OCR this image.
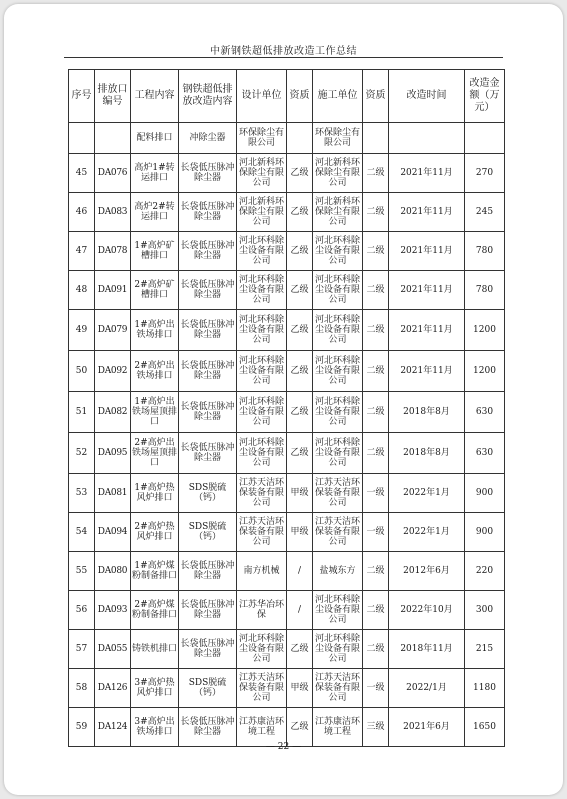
中新钢铁超低排放改造工作总结
序号	排放口编号	工程内容	钢铁超低排放改造内容	设计单位	资质	施工单位	资质	改造时间	改造金额（万元）
		配料排口	冲除尘器	环保除尘有限公司		环保除尘有限公司			
45	DA076	高炉1#转运排口	长袋低压脉冲除尘器	河北新科环保除尘有限公司	乙级	河北新科环保除尘有限公司	二级	2021年11月	270
46	DA083	高炉2#转运排口	长袋低压脉冲除尘器	河北新科环保除尘有限公司	乙级	河北新科环保除尘有限公司	二级	2021年11月	245
47	DA078	1#高炉矿槽排口	长袋低压脉冲除尘器	河北环科除尘设备有限公司	乙级	河北环科除尘设备有限公司	二级	2021年11月	780
48	DA091	2#高炉矿槽排口	长袋低压脉冲除尘器	河北环科除尘设备有限公司	乙级	河北环科除尘设备有限公司	二级	2021年11月	780
49	DA079	1#高炉出铁场排口	长袋低压脉冲除尘器	河北环科除尘设备有限公司	乙级	河北环科除尘设备有限公司	二级	2021年11月	1200
50	DA092	2#高炉出铁场排口	长袋低压脉冲除尘器	河北环科除尘设备有限公司	乙级	河北环科除尘设备有限公司	二级	2021年11月	1200
51	DA082	1#高炉出铁场屋顶排口	长袋低压脉冲除尘器	河北环科除尘设备有限公司	乙级	河北环科除尘设备有限公司	二级	2018年8月	630
52	DA095	2#高炉出铁场屋顶排口	长袋低压脉冲除尘器	河北环科除尘设备有限公司	乙级	河北环科除尘设备有限公司	二级	2018年8月	630
53	DA081	1#高炉热风炉排口	SDS脱硫（钙）	江苏天洁环保装备有限公司	甲级	江苏天洁环保装备有限公司	一级	2022年1月	900
54	DA094	2#高炉热风炉排口	SDS脱硫（钙）	江苏天洁环保装备有限公司	甲级	江苏天洁环保装备有限公司	一级	2022年1月	900
55	DA080	1#高炉煤粉制备排口	长袋低压脉冲除尘器	南方机械	/	盐城东方	二级	2012年6月	220
56	DA093	2#高炉煤粉制备排口	长袋低压脉冲除尘器	江苏华冶环保	/	河北环科除尘设备有限公司	二级	2022年10月	300
57	DA055	铸铁机排口	长袋低压脉冲除尘器	河北环科除尘设备有限公司	乙级	河北环科除尘设备有限公司	二级	2018年11月	215
58	DA126	3#高炉热风炉排口	SDS脱硫（钙）	江苏天洁环保装备有限公司	甲级	江苏天洁环保装备有限公司	一级	2022/1月	1180
59	DA124	3#高炉出铁场排口	长袋低压脉冲除尘器	江苏康洁环境工程	乙级	江苏康洁环境工程	三级	2021年6月	1650
— 22 —
